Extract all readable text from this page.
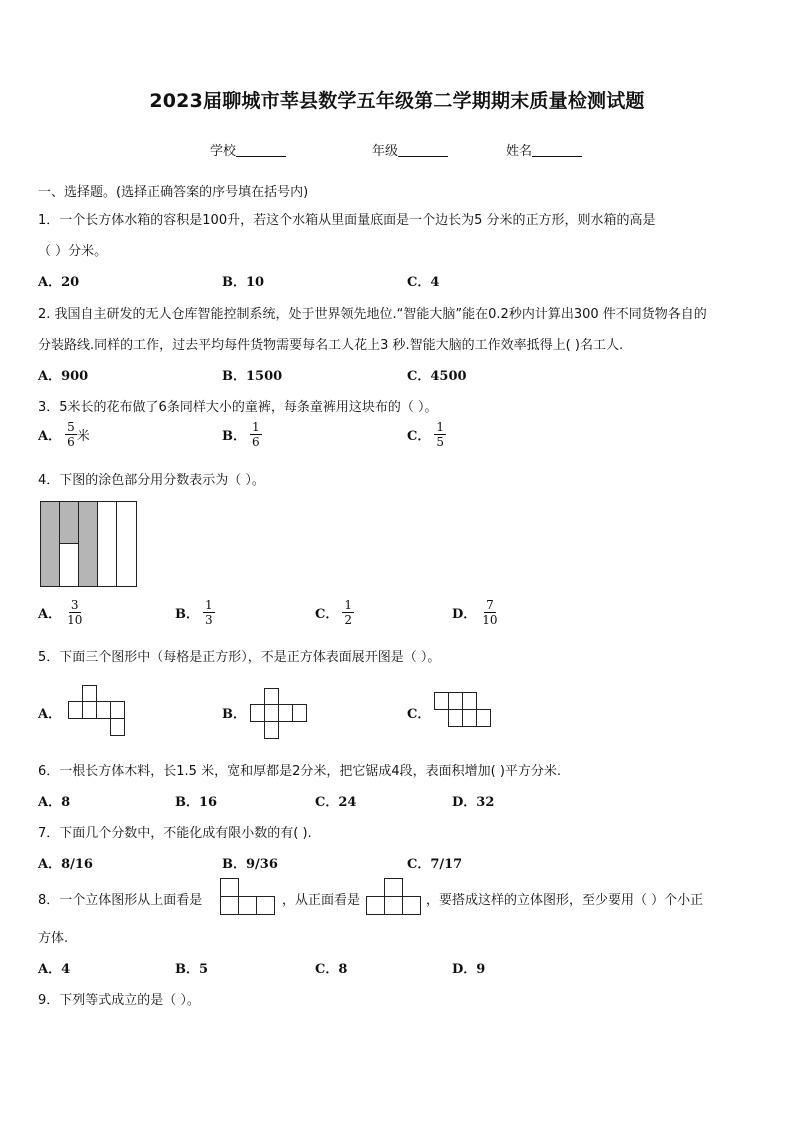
2023届聊城市莘县数学五年级第二学期期末质量检测试题
学校	年级	姓名
一、选择题。(选择正确答案的序号填在括号内)
1．一个长方体水箱的容积是100升，若这个水箱从里面量底面是一个边长为5 分米的正方形，则水箱的高是
（ ）分米。
A．20	B．10	C．4
2. 我国自主研发的无人仓库智能控制系统，处于世界领先地位.“智能大脑”能在0.2秒内计算出300 件不同货物各自的
分装路线.同样的工作，过去平均每件货物需要每名工人花上3 秒.智能大脑的工作效率抵得上( )名工人.
A．900	B．1500	C．4500
3．5米长的花布做了6条同样大小的童裤，每条童裤用这块布的（ ）。
A． $\frac{5}{6}$ 米	B． $\frac{1}{6}$	C． $\frac{1}{5}$
4．下图的涂色部分用分数表示为（ ）。
A． $\frac{3}{10}$	B． $\frac{1}{3}$	C． $\frac{1}{2}$	D． $\frac{7}{10}$
5．下面三个图形中（每格是正方形），不是正方体表面展开图是（ ）。
A．	B．	C．
6．一根长方体木料，长1.5 米，宽和厚都是2分米，把它锯成4段，表面积增加( )平方分米.
A．8	B．16	C．24	D．32
7．下面几个分数中，不能化成有限小数的有( ).
A．8/16	B．9/36	C．7/17
8．一个立体图形从上面看是	，从正面看是	，要搭成这样的立体图形，至少要用（ ）个小正
方体.
A．4	B．5	C．8	D．9
9．下列等式成立的是（ ）。
